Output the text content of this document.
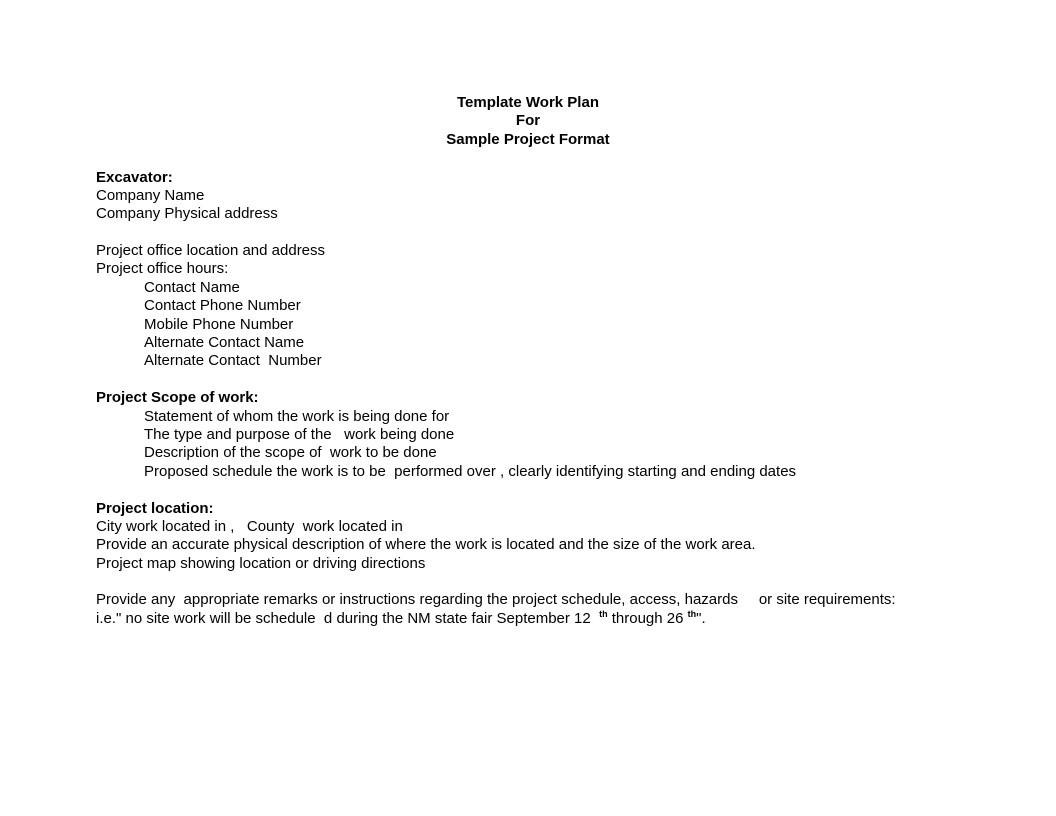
Template Work Plan
For
Sample Project Format
Excavator:
Company Name
Company Physical address
Project office location and address
Project office hours:
Contact Name
Contact Phone Number
Mobile Phone Number
Alternate Contact Name
Alternate Contact  Number
Project Scope of work:
Statement of whom the work is being done for
The type and purpose of the   work being done
Description of the scope of  work to be done
Proposed schedule the work is to be  performed over , clearly identifying starting and ending dates
Project location:
City work located in ,   County  work located in
Provide an accurate physical description of where the work is located and the size of the work area.
Project map showing location or driving directions
Provide any  appropriate remarks or instructions regarding the project schedule, access, hazards     or site requirements:
i.e." no site work will be schedule  d during the NM state fair September 12  $^{th}$ through 26 $^{th}$".
